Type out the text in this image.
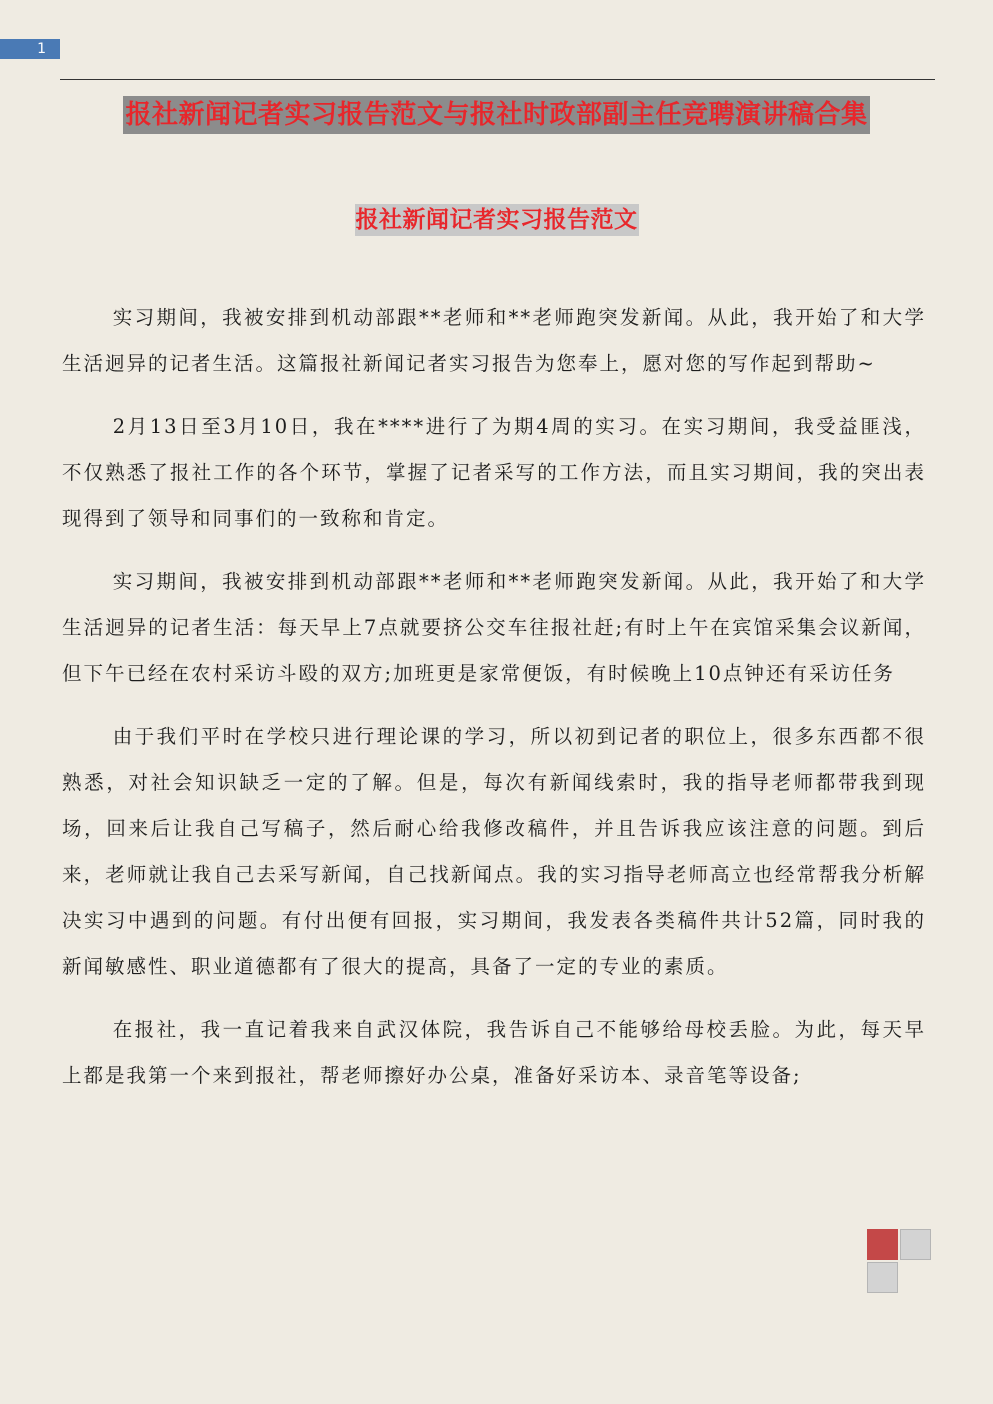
1
报社新闻记者实习报告范文与报社时政部副主任竞聘演讲稿合集
报社新闻记者实习报告范文

实习期间，我被安排到机动部跟**老师和**老师跑突发新闻。从此，我开始了和大学生活迥异的记者生活。这篇报社新闻记者实习报告为您奉上，愿对您的写作起到帮助~

2月13日至3月10日，我在****进行了为期4周的实习。在实习期间，我受益匪浅，不仅熟悉了报社工作的各个环节，掌握了记者采写的工作方法，而且实习期间，我的突出表现得到了领导和同事们的一致称和肯定。

实习期间，我被安排到机动部跟**老师和**老师跑突发新闻。从此，我开始了和大学生活迥异的记者生活：每天早上7点就要挤公交车往报社赶;有时上午在宾馆采集会议新闻，但下午已经在农村采访斗殴的双方;加班更是家常便饭，有时候晚上10点钟还有采访任务

由于我们平时在学校只进行理论课的学习，所以初到记者的职位上，很多东西都不很熟悉，对社会知识缺乏一定的了解。但是，每次有新闻线索时，我的指导老师都带我到现场，回来后让我自己写稿子，然后耐心给我修改稿件，并且告诉我应该注意的问题。到后来，老师就让我自己去采写新闻，自己找新闻点。我的实习指导老师高立也经常帮我分析解决实习中遇到的问题。有付出便有回报，实习期间，我发表各类稿件共计52篇，同时我的新闻敏感性、职业道德都有了很大的提高，具备了一定的专业的素质。

在报社，我一直记着我来自武汉体院，我告诉自己不能够给母校丢脸。为此，每天早上都是我第一个来到报社，帮老师擦好办公桌，准备好采访本、录音笔等设备;
